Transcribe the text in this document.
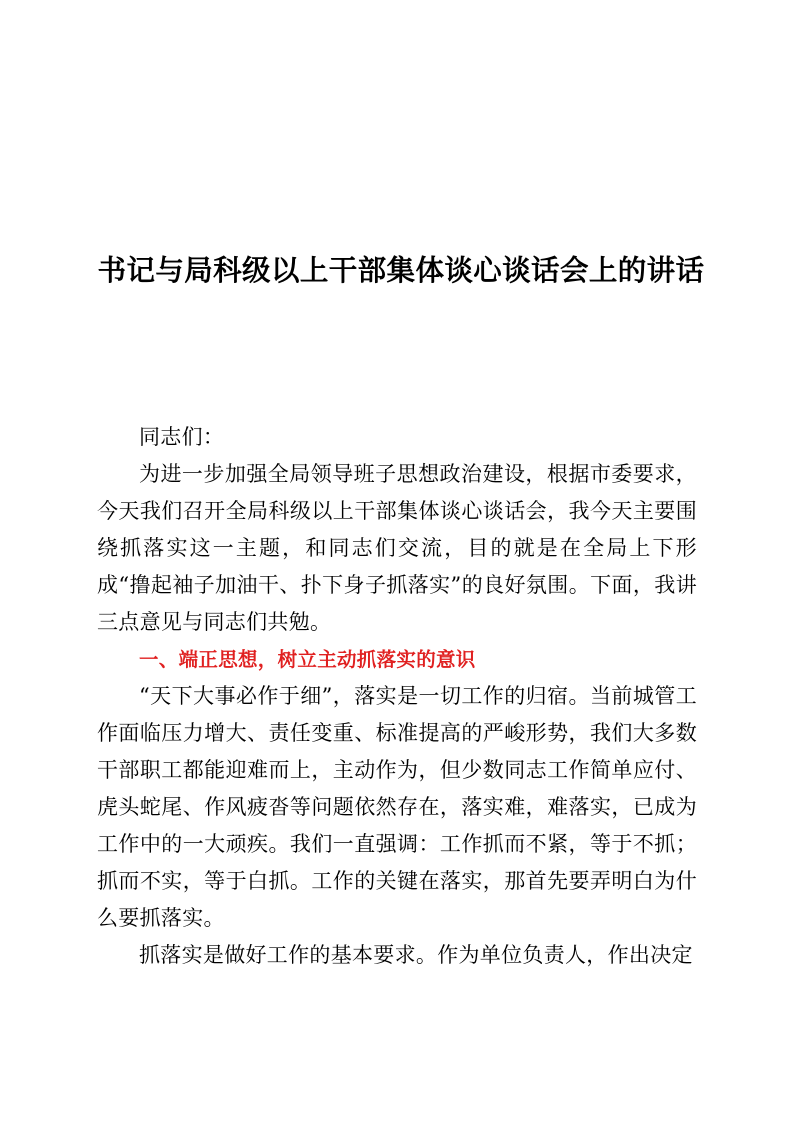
书记与局科级以上干部集体谈心谈话会上的讲话

同志们：

为进一步加强全局领导班子思想政治建设，根据市委要求，今天我们召开全局科级以上干部集体谈心谈话会，我今天主要围绕抓落实这一主题，和同志们交流，目的就是在全局上下形成“撸起袖子加油干、扑下身子抓落实”的良好氛围。下面，我讲三点意见与同志们共勉。

一、端正思想，树立主动抓落实的意识

“天下大事必作于细”，落实是一切工作的归宿。当前城管工作面临压力增大、责任变重、标准提高的严峻形势，我们大多数干部职工都能迎难而上，主动作为，但少数同志工作简单应付、虎头蛇尾、作风疲沓等问题依然存在，落实难，难落实，已成为工作中的一大顽疾。我们一直强调：工作抓而不紧，等于不抓；抓而不实，等于白抓。工作的关键在落实，那首先要弄明白为什么要抓落实。

抓落实是做好工作的基本要求。作为单位负责人，作出决定
